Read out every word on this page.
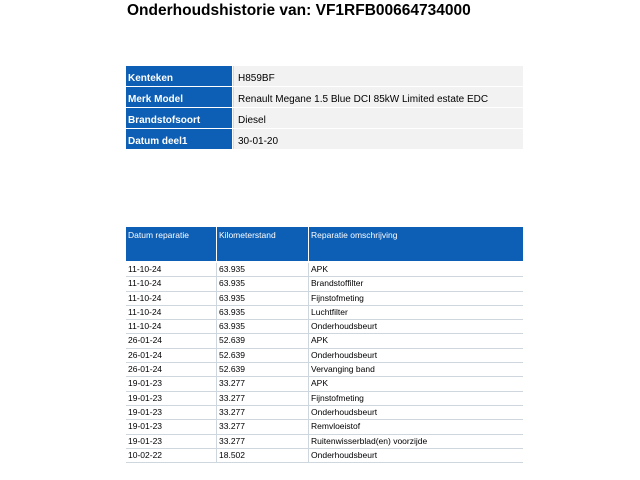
Onderhoudshistorie van: VF1RFB00664734000
Kenteken	H859BF
Merk Model	Renault Megane 1.5 Blue DCI 85kW Limited estate EDC
Brandstofsoort	Diesel
Datum deel1	30-01-20
Datum reparatie	Kilometerstand	Reparatie omschrijving
11-10-24	63.935	APK
11-10-24	63.935	Brandstoffilter
11-10-24	63.935	Fijnstofmeting
11-10-24	63.935	Luchtfilter
11-10-24	63.935	Onderhoudsbeurt
26-01-24	52.639	APK
26-01-24	52.639	Onderhoudsbeurt
26-01-24	52.639	Vervanging band
19-01-23	33.277	APK
19-01-23	33.277	Fijnstofmeting
19-01-23	33.277	Onderhoudsbeurt
19-01-23	33.277	Remvloeistof
19-01-23	33.277	Ruitenwisserblad(en) voorzijde
10-02-22	18.502	Onderhoudsbeurt
